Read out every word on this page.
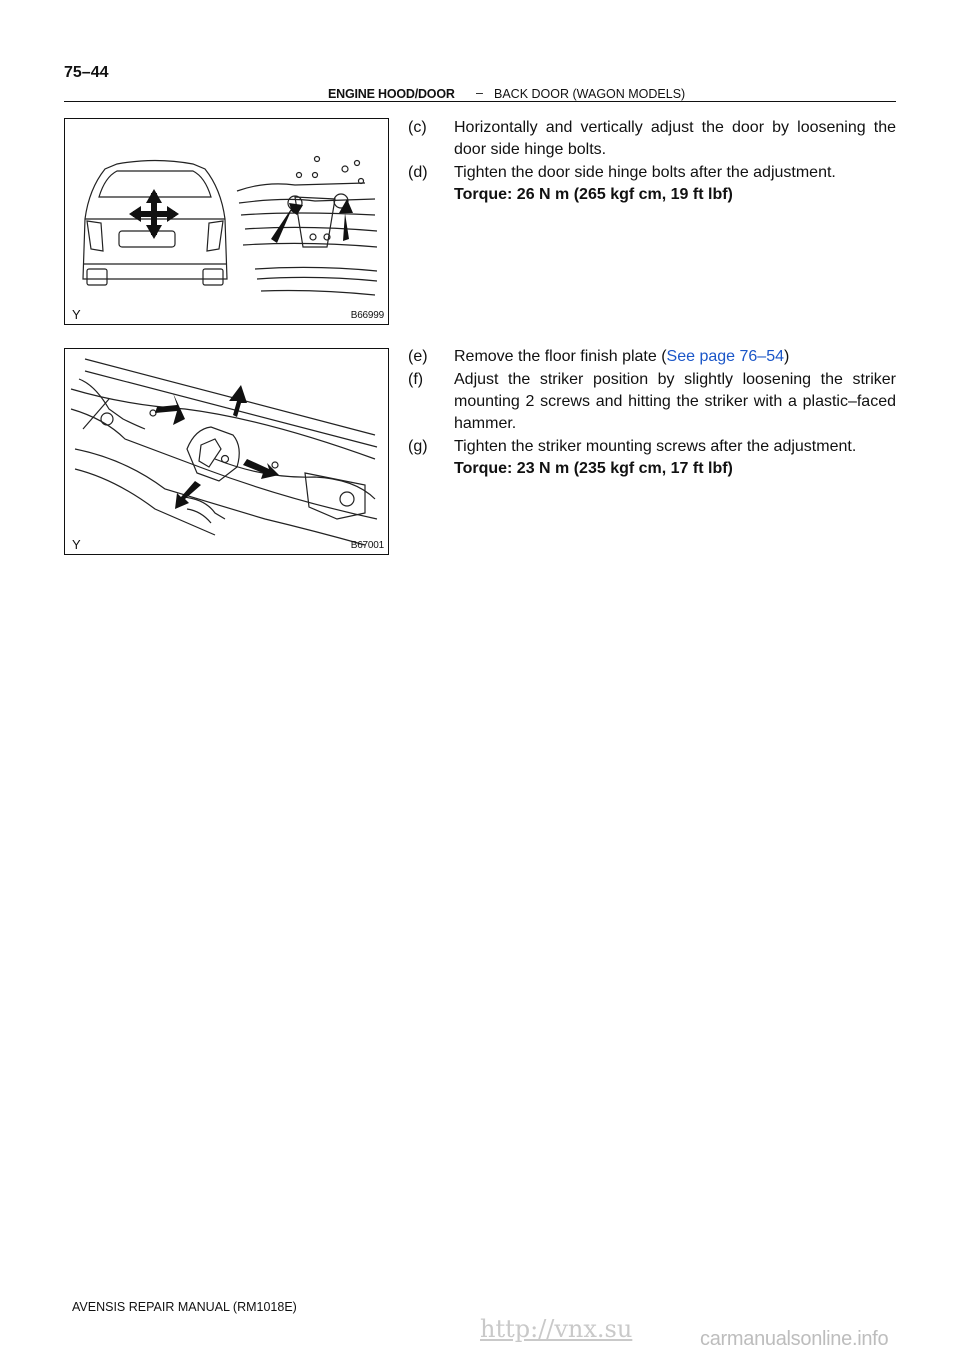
75–44
ENGINE HOOD/DOOR – BACK DOOR (WAGON MODELS)
Y	B66999
(c) Horizontally and vertically adjust the door by loosening the door side hinge bolts.
(d) Tighten the door side hinge bolts after the adjustment.
Torque: 26 N m (265 kgf cm, 19 ft lbf)
Y	B67001
(e) Remove the floor finish plate (See page 76–54)
(f) Adjust the striker position by slightly loosening the striker mounting 2 screws and hitting the striker with a plastic–faced hammer.
(g) Tighten the striker mounting screws after the adjustment.
Torque: 23 N m (235 kgf cm, 17 ft lbf)
AVENSIS REPAIR MANUAL (RM1018E)
http://vnx.su	carmanualsonline.info
